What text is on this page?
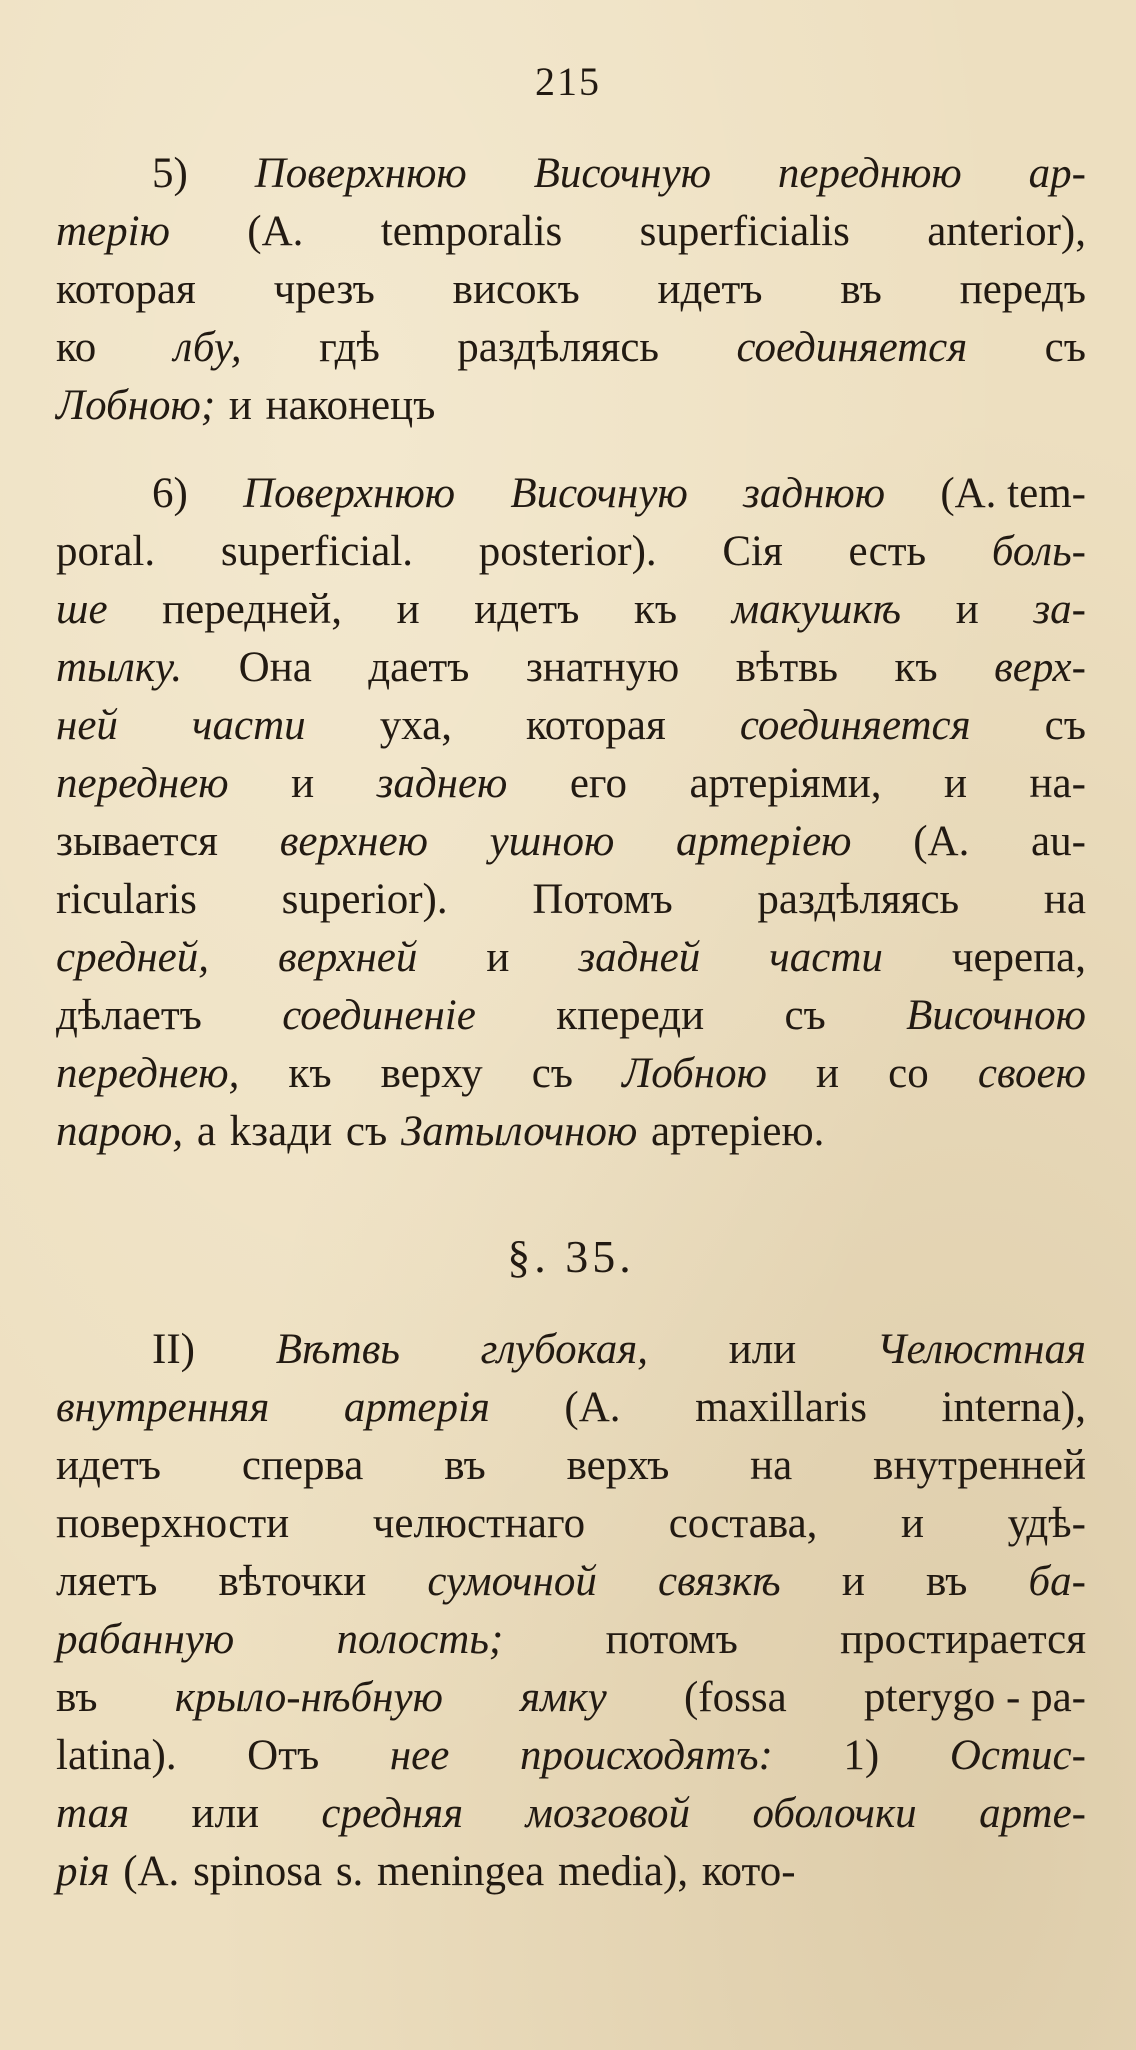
215
5) Поверхнюю Височную переднюю ар-
терію (A. temporalis superficialis anterior),
которая чрезъ високъ идетъ въ передъ
ко лбу, гдѣ раздѣляясь соединяется съ
Лобною; и наконецъ
6) Поверхнюю Височную заднюю (A. tem-
poral. superficial. posterior). Сія есть боль-
ше передней, и идетъ къ макушкѣ и за-
тылку. Она даетъ знатную вѣтвь къ верх-
ней части уха, которая соединяется съ
переднею и заднею его артеріями, и на-
зывается верхнею ушною артеріею (A. au-
ricularis superior). Потомъ раздѣляясь на
средней, верхней и задней части черепа,
дѣлаетъ соединеніе кпереди съ Височною
переднею, къ верху съ Лобною и со своею
парою, а kзади съ Затылочною артеріею.
§. 35.
II) Вѣтвь глубокая, или Челюстная
внутренняя артерія (A. maxillaris interna),
идетъ сперва въ верхъ на внутренней
поверхности челюстнаго состава, и удѣ-
ляетъ вѣточки сумочной связкѣ и въ ба-
рабанную полость; потомъ простирается
въ крыло-нѣбную ямку (fossa pterygo - pa-
latina). Отъ нее происходятъ: 1) Остис-
тая или средняя мозговой оболочки арте-
рія (A. spinosa s. meningea media), кото-
